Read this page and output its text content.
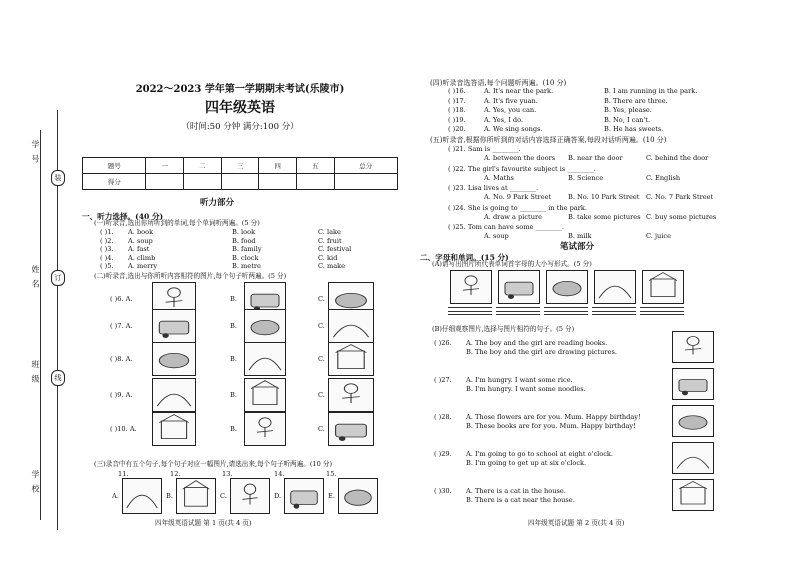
学 号
姓 名
班 级
学 校
装
订
线
2022～2023 学年第一学期期末考试(乐陵市)
四年级英语
（时间:50 分钟 满分:100 分）
题号	一	二	三	四	五	总分
得分						
听力部分
一、听力选择。(40 分)
(一)听录音,选出你所听到的单词,每个单词听两遍。(5 分)
(二)听录音,选出与你所听内容相符的图片,每个句子听两遍。(5 分)
(三)录音中有五个句子,每个句子对应一幅图片,请选出来,每个句子听两遍。(10 分)
四年级英语试题 第 1 页(共 4 页)	四年级英语试题 第 2 页(共 4 页)
(四)听录音选答语,每个问题听两遍。(10 分)
(五)听录音,根据你所听到的对话内容选择正确答案,每段对话听两遍。(10 分)
笔试部分
二、字母和单词。(15 分)
(A)请写出图片所代表单词首字母的大小写形式。(5 分)
(B)仔细观察图片,选择与图片相符的句子。(5 分)
( )1. A. book	B. look	C. lake
( )2. A. soup	B. food	C. fruit
( )3. A. fast	B. family	C. festival
( )4. A. climb	B. clock	C. kid
( )5. A. merry	B. metre	C. make
( )6. A.	B.	C.
( )7. A.	B.	C.
( )8. A.	B.	C.
( )9. A.	B.	C.
( )10. A.	B.	C.
11.	12.	13.	14.	15.
A.	B.	C.	D.	E.
( )16.	A. It's near the park.	B. I am running in the park.
( )17.	A. It's five yuan.	B. There are three.
( )18.	A. Yes, you can.	B. Yes, please.
( )19.	A. Yes, I do.	B. No, I can't.
( )20.	A. We sing songs.	B. He has sweets.
( )21. Sam is ________.
A. between the doors B. near the door	C. behind the door
( )22. The girl's favourite subject is ________.
A. Maths	B. Science	C. English
( )23. Lisa lives at ________.
A. No. 9 Park Street	B. No. 10 Park Street C. No. 7 Park Street
( )24. She is going to ________ in the park.
A. draw a picture	B. take some pictures C. buy some pictures
( )25. Tom can have some ________.
A. soup	B. milk	C. juice
( )26. A. The boy and the girl are reading books.
B. The boy and the girl are drawing pictures.
( )27. A. I'm hungry. I want some rice.
B. I'm hungry. I want some noodles.
( )28. A. Those flowers are for you. Mum. Happy birthday!
B. These books are for you. Mum. Happy birthday!
( )29. A. I'm going to go to school at eight o'clock.
B. I'm going to get up at six o'clock.
( )30. A. There is a cat in the house.
B. There is a cat near the house.
